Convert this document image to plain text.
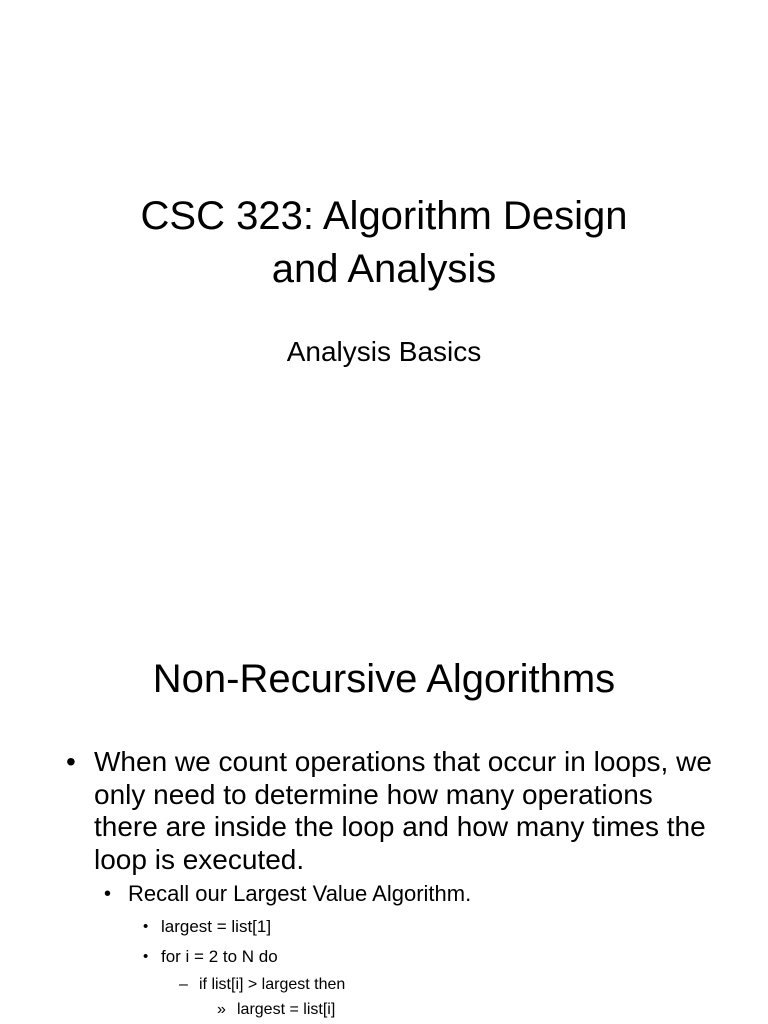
CSC 323: Algorithm Design
and Analysis

Analysis Basics

Non-Recursive Algorithms
• When we count operations that occur in loops, we only need to determine how many operations there are inside the loop and how many times the loop is executed.
• Recall our Largest Value Algorithm.
• largest = list[1]
• for i = 2 to N do
– if list[i] > largest then
» largest = list[i]
